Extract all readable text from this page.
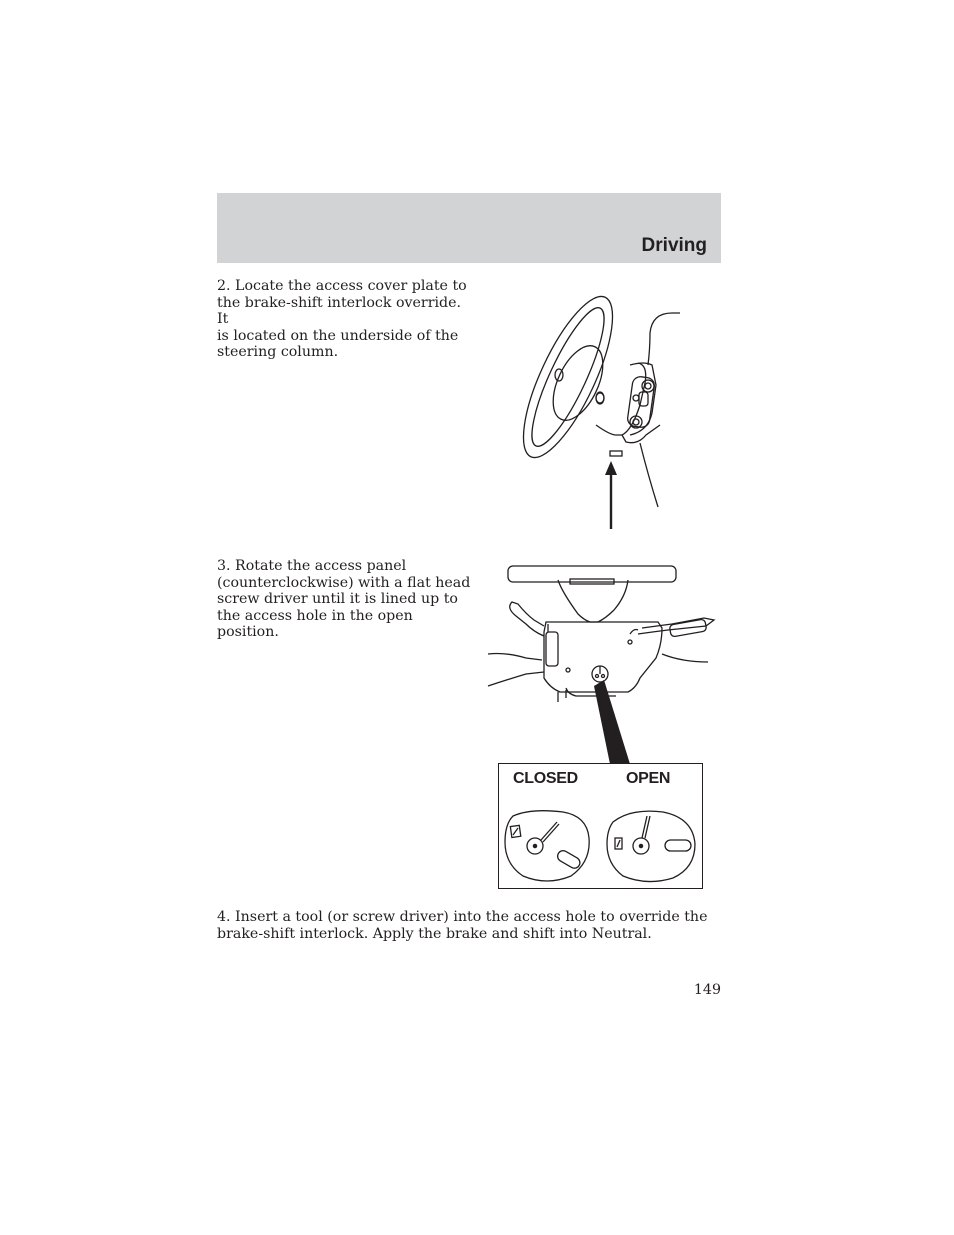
Driving

2. Locate the access cover plate to
the brake-shift interlock override. It
is located on the underside of the
steering column.

3. Rotate the access panel
(counterclockwise) with a flat head
screw driver until it is lined up to
the access hole in the open position.

CLOSED	OPEN

4. Insert a tool (or screw driver) into the access hole to override the
brake-shift interlock. Apply the brake and shift into Neutral.

149
